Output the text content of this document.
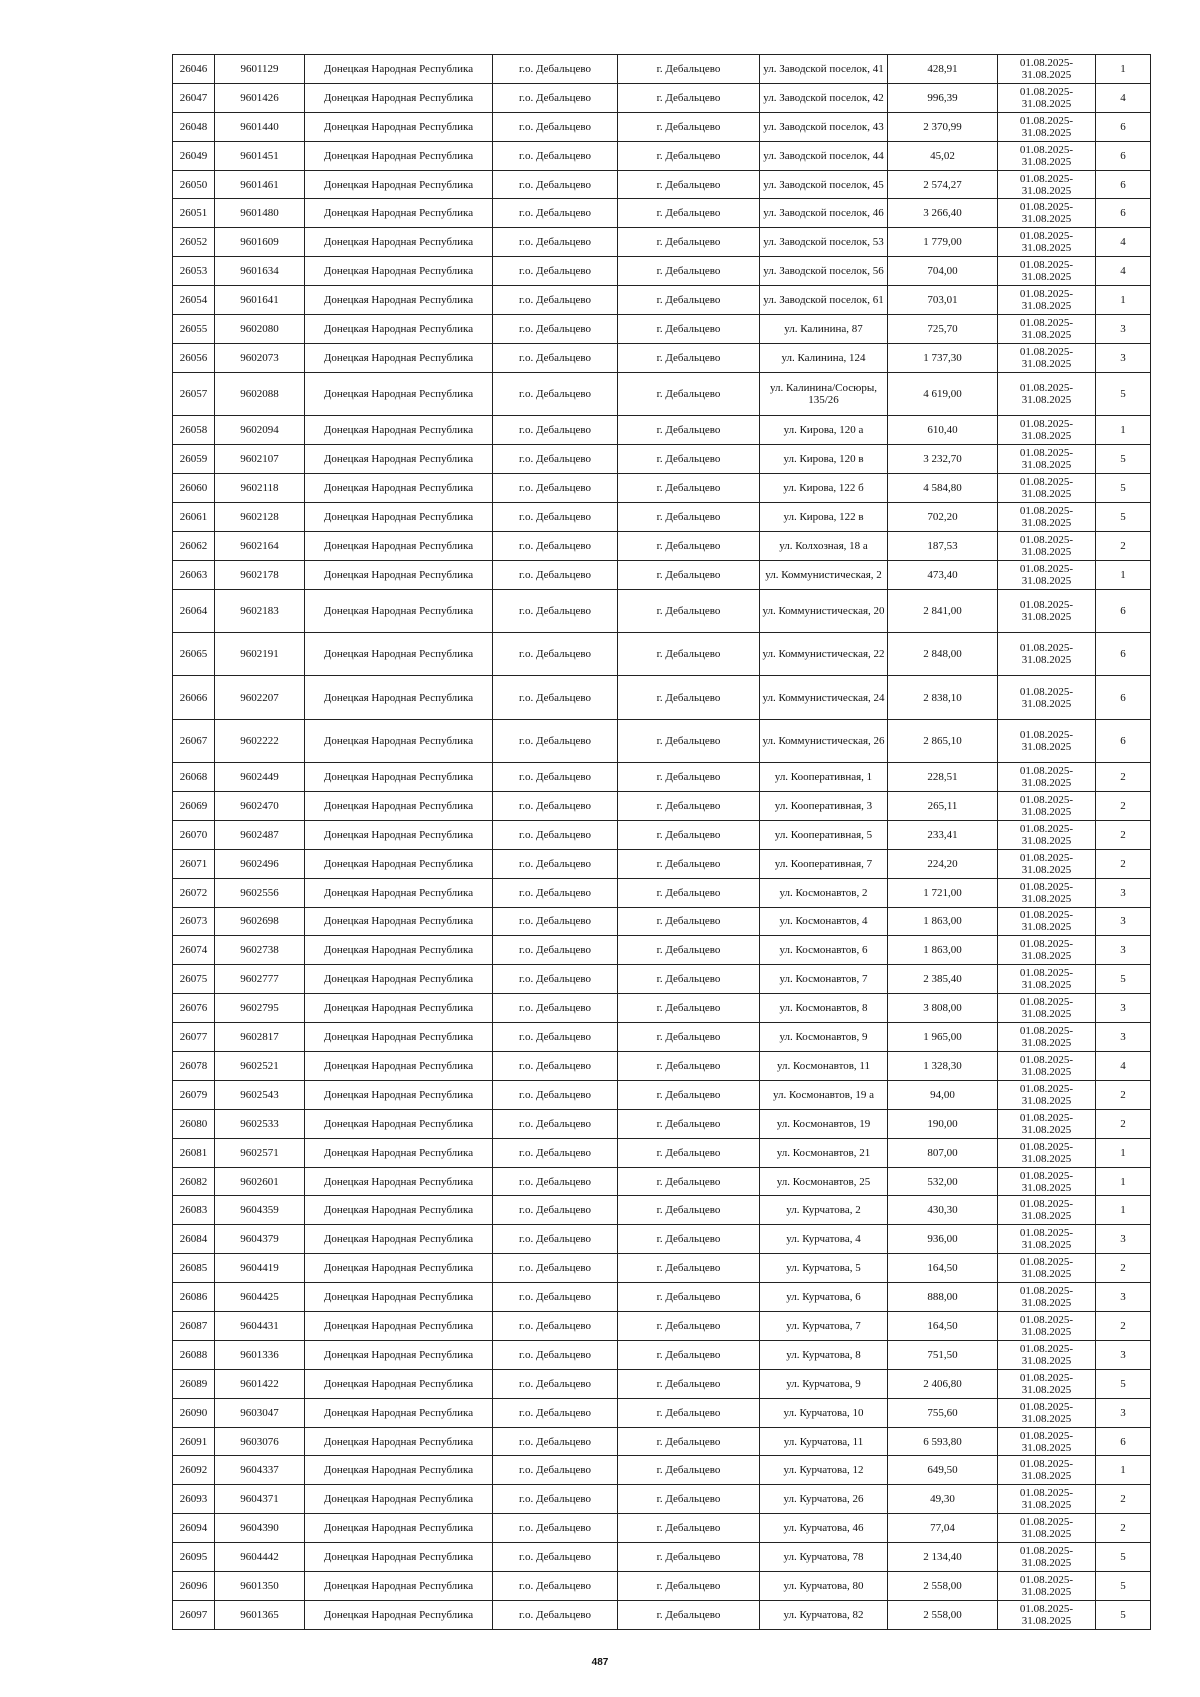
26046	9601129	Донецкая Народная Республика	г.о. Дебальцево	г. Дебальцево	ул. Заводской поселок, 41	428,91	01.08.2025-31.08.2025	1
26047	9601426	Донецкая Народная Республика	г.о. Дебальцево	г. Дебальцево	ул. Заводской поселок, 42	996,39	01.08.2025-31.08.2025	4
26048	9601440	Донецкая Народная Республика	г.о. Дебальцево	г. Дебальцево	ул. Заводской поселок, 43	2 370,99	01.08.2025-31.08.2025	6
26049	9601451	Донецкая Народная Республика	г.о. Дебальцево	г. Дебальцево	ул. Заводской поселок, 44	45,02	01.08.2025-31.08.2025	6
26050	9601461	Донецкая Народная Республика	г.о. Дебальцево	г. Дебальцево	ул. Заводской поселок, 45	2 574,27	01.08.2025-31.08.2025	6
26051	9601480	Донецкая Народная Республика	г.о. Дебальцево	г. Дебальцево	ул. Заводской поселок, 46	3 266,40	01.08.2025-31.08.2025	6
26052	9601609	Донецкая Народная Республика	г.о. Дебальцево	г. Дебальцево	ул. Заводской поселок, 53	1 779,00	01.08.2025-31.08.2025	4
26053	9601634	Донецкая Народная Республика	г.о. Дебальцево	г. Дебальцево	ул. Заводской поселок, 56	704,00	01.08.2025-31.08.2025	4
26054	9601641	Донецкая Народная Республика	г.о. Дебальцево	г. Дебальцево	ул. Заводской поселок, 61	703,01	01.08.2025-31.08.2025	1
26055	9602080	Донецкая Народная Республика	г.о. Дебальцево	г. Дебальцево	ул. Калинина, 87	725,70	01.08.2025-31.08.2025	3
26056	9602073	Донецкая Народная Республика	г.о. Дебальцево	г. Дебальцево	ул. Калинина, 124	1 737,30	01.08.2025-31.08.2025	3
26057	9602088	Донецкая Народная Республика	г.о. Дебальцево	г. Дебальцево	ул. Калинина/Сосюры, 135/26	4 619,00	01.08.2025-31.08.2025	5
26058	9602094	Донецкая Народная Республика	г.о. Дебальцево	г. Дебальцево	ул. Кирова, 120 а	610,40	01.08.2025-31.08.2025	1
26059	9602107	Донецкая Народная Республика	г.о. Дебальцево	г. Дебальцево	ул. Кирова, 120 в	3 232,70	01.08.2025-31.08.2025	5
26060	9602118	Донецкая Народная Республика	г.о. Дебальцево	г. Дебальцево	ул. Кирова, 122 б	4 584,80	01.08.2025-31.08.2025	5
26061	9602128	Донецкая Народная Республика	г.о. Дебальцево	г. Дебальцево	ул. Кирова, 122 в	702,20	01.08.2025-31.08.2025	5
26062	9602164	Донецкая Народная Республика	г.о. Дебальцево	г. Дебальцево	ул. Колхозная, 18 а	187,53	01.08.2025-31.08.2025	2
26063	9602178	Донецкая Народная Республика	г.о. Дебальцево	г. Дебальцево	ул. Коммунистическая, 2	473,40	01.08.2025-31.08.2025	1
26064	9602183	Донецкая Народная Республика	г.о. Дебальцево	г. Дебальцево	ул. Коммунистическая, 20	2 841,00	01.08.2025-31.08.2025	6
26065	9602191	Донецкая Народная Республика	г.о. Дебальцево	г. Дебальцево	ул. Коммунистическая, 22	2 848,00	01.08.2025-31.08.2025	6
26066	9602207	Донецкая Народная Республика	г.о. Дебальцево	г. Дебальцево	ул. Коммунистическая, 24	2 838,10	01.08.2025-31.08.2025	6
26067	9602222	Донецкая Народная Республика	г.о. Дебальцево	г. Дебальцево	ул. Коммунистическая, 26	2 865,10	01.08.2025-31.08.2025	6
26068	9602449	Донецкая Народная Республика	г.о. Дебальцево	г. Дебальцево	ул. Кооперативная, 1	228,51	01.08.2025-31.08.2025	2
26069	9602470	Донецкая Народная Республика	г.о. Дебальцево	г. Дебальцево	ул. Кооперативная, 3	265,11	01.08.2025-31.08.2025	2
26070	9602487	Донецкая Народная Республика	г.о. Дебальцево	г. Дебальцево	ул. Кооперативная, 5	233,41	01.08.2025-31.08.2025	2
26071	9602496	Донецкая Народная Республика	г.о. Дебальцево	г. Дебальцево	ул. Кооперативная, 7	224,20	01.08.2025-31.08.2025	2
26072	9602556	Донецкая Народная Республика	г.о. Дебальцево	г. Дебальцево	ул. Космонавтов, 2	1 721,00	01.08.2025-31.08.2025	3
26073	9602698	Донецкая Народная Республика	г.о. Дебальцево	г. Дебальцево	ул. Космонавтов, 4	1 863,00	01.08.2025-31.08.2025	3
26074	9602738	Донецкая Народная Республика	г.о. Дебальцево	г. Дебальцево	ул. Космонавтов, 6	1 863,00	01.08.2025-31.08.2025	3
26075	9602777	Донецкая Народная Республика	г.о. Дебальцево	г. Дебальцево	ул. Космонавтов, 7	2 385,40	01.08.2025-31.08.2025	5
26076	9602795	Донецкая Народная Республика	г.о. Дебальцево	г. Дебальцево	ул. Космонавтов, 8	3 808,00	01.08.2025-31.08.2025	3
26077	9602817	Донецкая Народная Республика	г.о. Дебальцево	г. Дебальцево	ул. Космонавтов, 9	1 965,00	01.08.2025-31.08.2025	3
26078	9602521	Донецкая Народная Республика	г.о. Дебальцево	г. Дебальцево	ул. Космонавтов, 11	1 328,30	01.08.2025-31.08.2025	4
26079	9602543	Донецкая Народная Республика	г.о. Дебальцево	г. Дебальцево	ул. Космонавтов, 19 а	94,00	01.08.2025-31.08.2025	2
26080	9602533	Донецкая Народная Республика	г.о. Дебальцево	г. Дебальцево	ул. Космонавтов, 19	190,00	01.08.2025-31.08.2025	2
26081	9602571	Донецкая Народная Республика	г.о. Дебальцево	г. Дебальцево	ул. Космонавтов, 21	807,00	01.08.2025-31.08.2025	1
26082	9602601	Донецкая Народная Республика	г.о. Дебальцево	г. Дебальцево	ул. Космонавтов, 25	532,00	01.08.2025-31.08.2025	1
26083	9604359	Донецкая Народная Республика	г.о. Дебальцево	г. Дебальцево	ул. Курчатова, 2	430,30	01.08.2025-31.08.2025	1
26084	9604379	Донецкая Народная Республика	г.о. Дебальцево	г. Дебальцево	ул. Курчатова, 4	936,00	01.08.2025-31.08.2025	3
26085	9604419	Донецкая Народная Республика	г.о. Дебальцево	г. Дебальцево	ул. Курчатова, 5	164,50	01.08.2025-31.08.2025	2
26086	9604425	Донецкая Народная Республика	г.о. Дебальцево	г. Дебальцево	ул. Курчатова, 6	888,00	01.08.2025-31.08.2025	3
26087	9604431	Донецкая Народная Республика	г.о. Дебальцево	г. Дебальцево	ул. Курчатова, 7	164,50	01.08.2025-31.08.2025	2
26088	9601336	Донецкая Народная Республика	г.о. Дебальцево	г. Дебальцево	ул. Курчатова, 8	751,50	01.08.2025-31.08.2025	3
26089	9601422	Донецкая Народная Республика	г.о. Дебальцево	г. Дебальцево	ул. Курчатова, 9	2 406,80	01.08.2025-31.08.2025	5
26090	9603047	Донецкая Народная Республика	г.о. Дебальцево	г. Дебальцево	ул. Курчатова, 10	755,60	01.08.2025-31.08.2025	3
26091	9603076	Донецкая Народная Республика	г.о. Дебальцево	г. Дебальцево	ул. Курчатова, 11	6 593,80	01.08.2025-31.08.2025	6
26092	9604337	Донецкая Народная Республика	г.о. Дебальцево	г. Дебальцево	ул. Курчатова, 12	649,50	01.08.2025-31.08.2025	1
26093	9604371	Донецкая Народная Республика	г.о. Дебальцево	г. Дебальцево	ул. Курчатова, 26	49,30	01.08.2025-31.08.2025	2
26094	9604390	Донецкая Народная Республика	г.о. Дебальцево	г. Дебальцево	ул. Курчатова, 46	77,04	01.08.2025-31.08.2025	2
26095	9604442	Донецкая Народная Республика	г.о. Дебальцево	г. Дебальцево	ул. Курчатова, 78	2 134,40	01.08.2025-31.08.2025	5
26096	9601350	Донецкая Народная Республика	г.о. Дебальцево	г. Дебальцево	ул. Курчатова, 80	2 558,00	01.08.2025-31.08.2025	5
26097	9601365	Донецкая Народная Республика	г.о. Дебальцево	г. Дебальцево	ул. Курчатова, 82	2 558,00	01.08.2025-31.08.2025	5
487
